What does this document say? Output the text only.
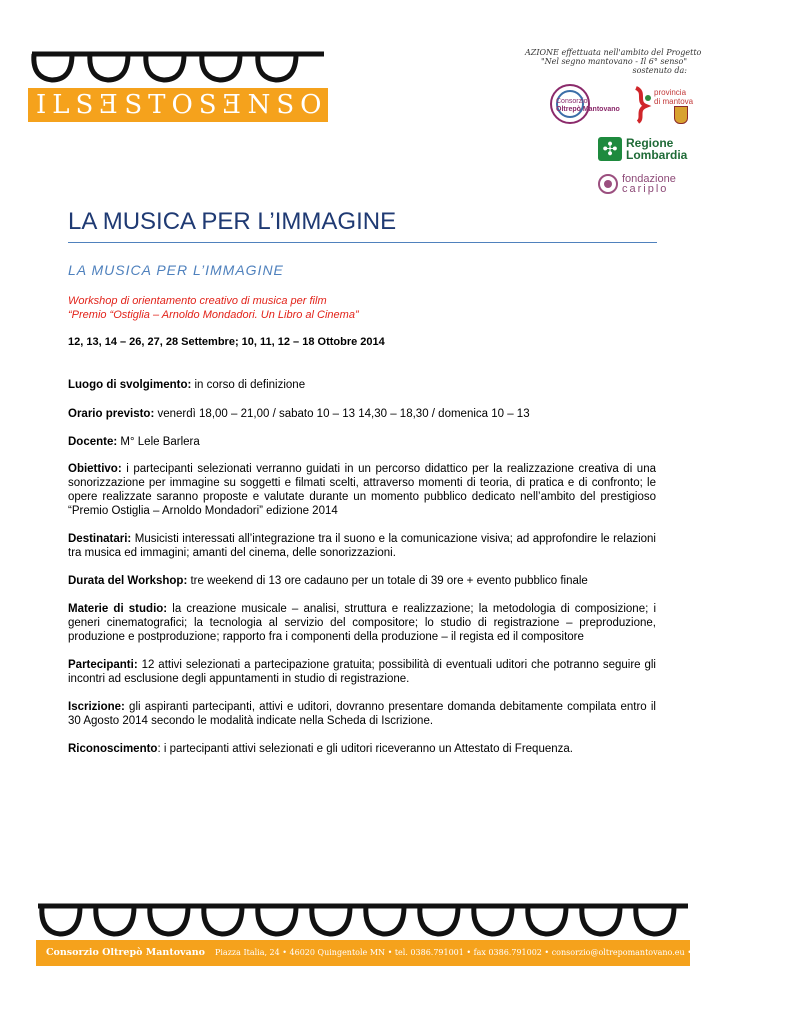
ILSƎSTOSƎNSO
AZIONE effettuata nell'ambito del Progetto
"Nel segno mantovano - Il 6° senso"
sostenuto da:
Consorzio
Oltrepò Mantovano
provincia
di mantova
✣ Regione
Lombardia
fondazione
cariplo
LA MUSICA PER L’IMMAGINE
LA MUSICA PER L’IMMAGINE
Workshop di orientamento creativo di musica per film
“Premio “Ostiglia – Arnoldo Mondadori. Un Libro al Cinema”
12, 13, 14 – 26, 27, 28 Settembre; 10, 11, 12 – 18 Ottobre 2014
Luogo di svolgimento: in corso di definizione
Orario previsto: venerdì 18,00 – 21,00 / sabato 10 – 13 14,30 – 18,30 / domenica 10 – 13
Docente: M° Lele Barlera
Obiettivo: i partecipanti selezionati verranno guidati in un percorso didattico per la realizzazione creativa di una sonorizzazione per immagine su soggetti e filmati scelti, attraverso momenti di teoria, di pratica e di confronto; le opere realizzate saranno proposte e valutate durante un momento pubblico dedicato nell’ambito del prestigioso “Premio Ostiglia – Arnoldo Mondadori” edizione 2014
Destinatari: Musicisti interessati all’integrazione tra il suono e la comunicazione visiva; ad approfondire le relazioni tra musica ed immagini; amanti del cinema, delle sonorizzazioni.
Durata del Workshop: tre weekend di 13 ore cadauno per un totale di 39 ore + evento pubblico finale
Materie di studio: la creazione musicale – analisi, struttura e realizzazione; la metodologia di composizione; i generi cinematografici; la tecnologia al servizio del compositore; lo studio di registrazione – preproduzione, produzione e postproduzione; rapporto fra i componenti della produzione – il regista ed il compositore
Partecipanti: 12 attivi selezionati a partecipazione gratuita; possibilità di eventuali uditori che potranno seguire gli incontri ad esclusione degli appuntamenti in studio di registrazione.
Iscrizione: gli aspiranti partecipanti, attivi e uditori, dovranno presentare domanda debitamente compilata entro il 30 Agosto 2014 secondo le modalità indicate nella Scheda di Iscrizione.
Riconoscimento: i partecipanti attivi selezionati e gli uditori riceveranno un Attestato di Frequenza.
Consorzio Oltrepò Mantovano Piazza Italia, 24 • 46020 Quingentole MN • tel. 0386.791001 • fax 0386.791002 • consorzio@oltrepomantovano.eu • www.oltrepomantovano.eu
